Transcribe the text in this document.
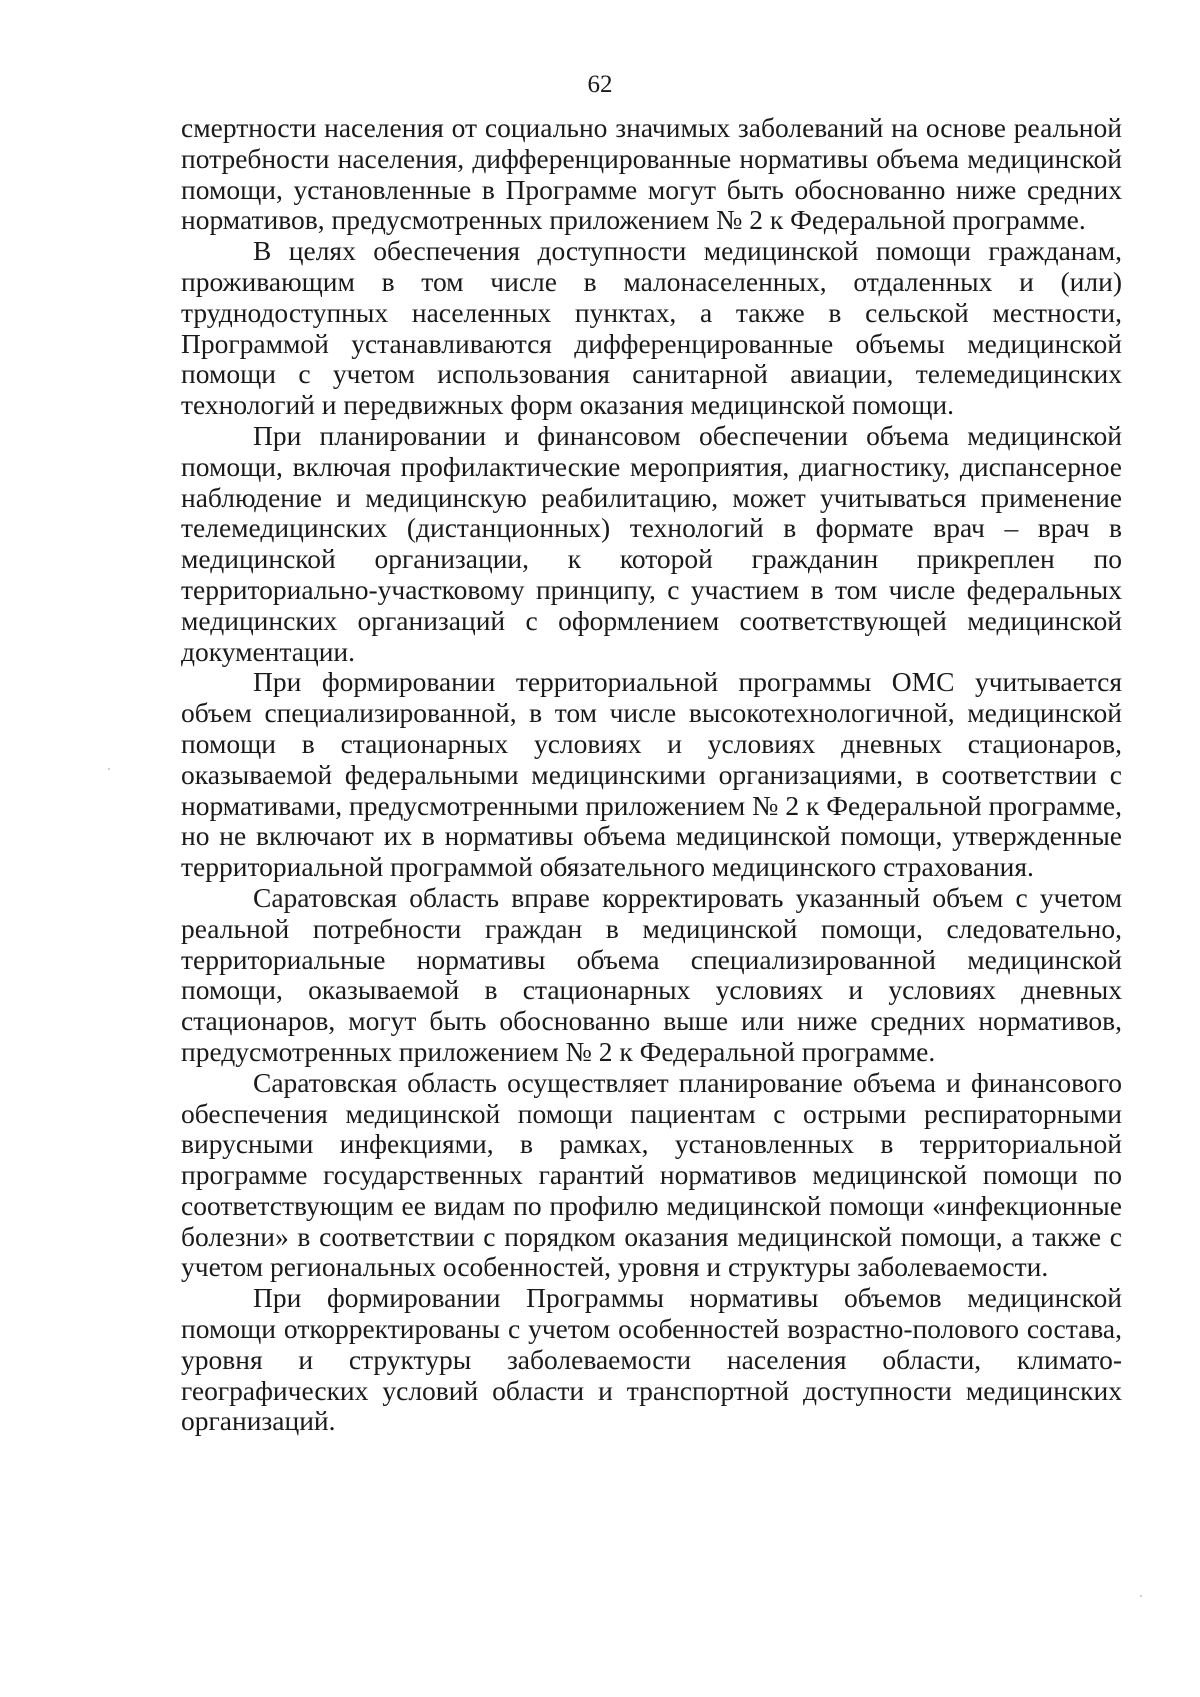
62

смертности населения от социально значимых заболеваний на основе реальной потребности населения, дифференцированные нормативы объема медицинской помощи, установленные в Программе могут быть обоснованно ниже средних нормативов, предусмотренных приложением № 2 к Федеральной программе.

В целях обеспечения доступности медицинской помощи гражданам, проживающим в том числе в малонаселенных, отдаленных и (или) труднодоступных населенных пунктах, а также в сельской местности, Программой устанавливаются дифференцированные объемы медицинской помощи с учетом использования санитарной авиации, телемедицинских технологий и передвижных форм оказания медицинской помощи.

При планировании и финансовом обеспечении объема медицинской помощи, включая профилактические мероприятия, диагностику, диспансерное наблюдение и медицинскую реабилитацию, может учитываться применение телемедицинских (дистанционных) технологий в формате врач – врач в медицинской организации, к которой гражданин прикреплен по территориально-участковому принципу, с участием в том числе федеральных медицинских организаций с оформлением соответствующей медицинской документации.

При формировании территориальной программы ОМС учитывается объем специализированной, в том числе высокотехнологичной, медицинской помощи в стационарных условиях и условиях дневных стационаров, оказываемой федеральными медицинскими организациями, в соответствии с нормативами, предусмотренными приложением № 2 к Федеральной программе, но не включают их в нормативы объема медицинской помощи, утвержденные территориальной программой обязательного медицинского страхования.

Саратовская область вправе корректировать указанный объем с учетом реальной потребности граждан в медицинской помощи, следовательно, территориальные нормативы объема специализированной медицинской помощи, оказываемой в стационарных условиях и условиях дневных стационаров, могут быть обоснованно выше или ниже средних нормативов, предусмотренных приложением № 2 к Федеральной программе.

Саратовская область осуществляет планирование объема и финансового обеспечения медицинской помощи пациентам с острыми респираторными вирусными инфекциями, в рамках, установленных в территориальной программе государственных гарантий нормативов медицинской помощи по соответствующим ее видам по профилю медицинской помощи «инфекционные болезни» в соответствии с порядком оказания медицинской помощи, а также с учетом региональных особенностей, уровня и структуры заболеваемости.

При формировании Программы нормативы объемов медицинской помощи откорректированы с учетом особенностей возрастно-полового состава, уровня и структуры заболеваемости населения области, климато-географических условий области и транспортной доступности медицинских организаций.
